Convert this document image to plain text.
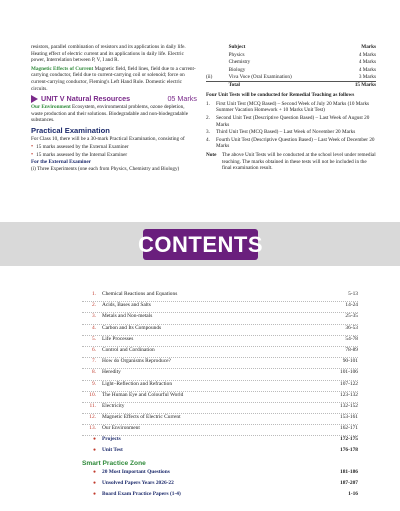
resistors, parallel combination of resistors and its applications in daily life. Heating effect of electric current and its applications in daily life. Electric power, Interrelation between P, V, I and R.

Magnetic Effects of Current Magnetic field, field lines, field due to a current-carrying conductor, field due to current-carrying coil or solenoid; force on current-carrying conductor, Fleming's Left Hand Rule. Domestic electric circuits.

UNIT V Natural Resources	05 Marks

Our Environment Ecosystem, environmental problems, ozone depletion, waste production and their solutions. Biodegradable and non-biodegradable substances.

Practical Examination

For Class 10, there will be a 30-mark Practical Examination, consisting of

• 15 marks assessed by the External Examiner
• 15 marks assessed by the Internal Examiner
For the External Examiner

(i) Three Experiments (one each from Physics, Chemistry and Biology)

	Subject	Marks
	Physics	4 Marks
	Chemistry	4 Marks
	Biology	4 Marks
(ii)	Viva Voce (Oral Examination)	3 Marks
	Total	15 Marks

Four Unit Tests will be conducted for Remedial Teaching as follows

1.	First Unit Test (MCQ Based) – Second Week of July 20 Marks (10 Marks Summer Vacation Homework + 10 Marks Unit Test)
2.	Second Unit Test (Descriptive Question Based) – Last Week of August 20 Marks
3.	Third Unit Test (MCQ Based) – Last Week of November 20 Marks
4.	Fourth Unit Test (Descriptive Question Based) – Last Week of December 20 Marks
Note	The above Unit Tests will be conducted at the school level under remedial teaching. The marks obtained in these tests will not be included in the final examination result.
CONTENTS
1. Chemical Reactions and Equations	5-13
2. Acids, Bases and Salts	14-24
3. Metals and Non-metals	25-35
4. Carbon and Its Compounds	36-53
5. Life Processes	54-78
6. Control and Cordination	78-89
7. How do Organisms Reproduce?	90-101
8. Heredity	101-106
9. Light–Reflection and Refraction	107-122
10. The Human Eye and Colourful World	123-132
11. Electricity	132-152
12. Magnetic Effects of Electric Current	153-161
13. Our Environment	162-171
● Projects	172-175
● Unit Test	176-178
Smart Practice Zone
● 20 Most Important Questions	181-186
● Unsolved Papers Years 2026-22	187-207
● Board Exam Practice Papers (1-4)	1-16
